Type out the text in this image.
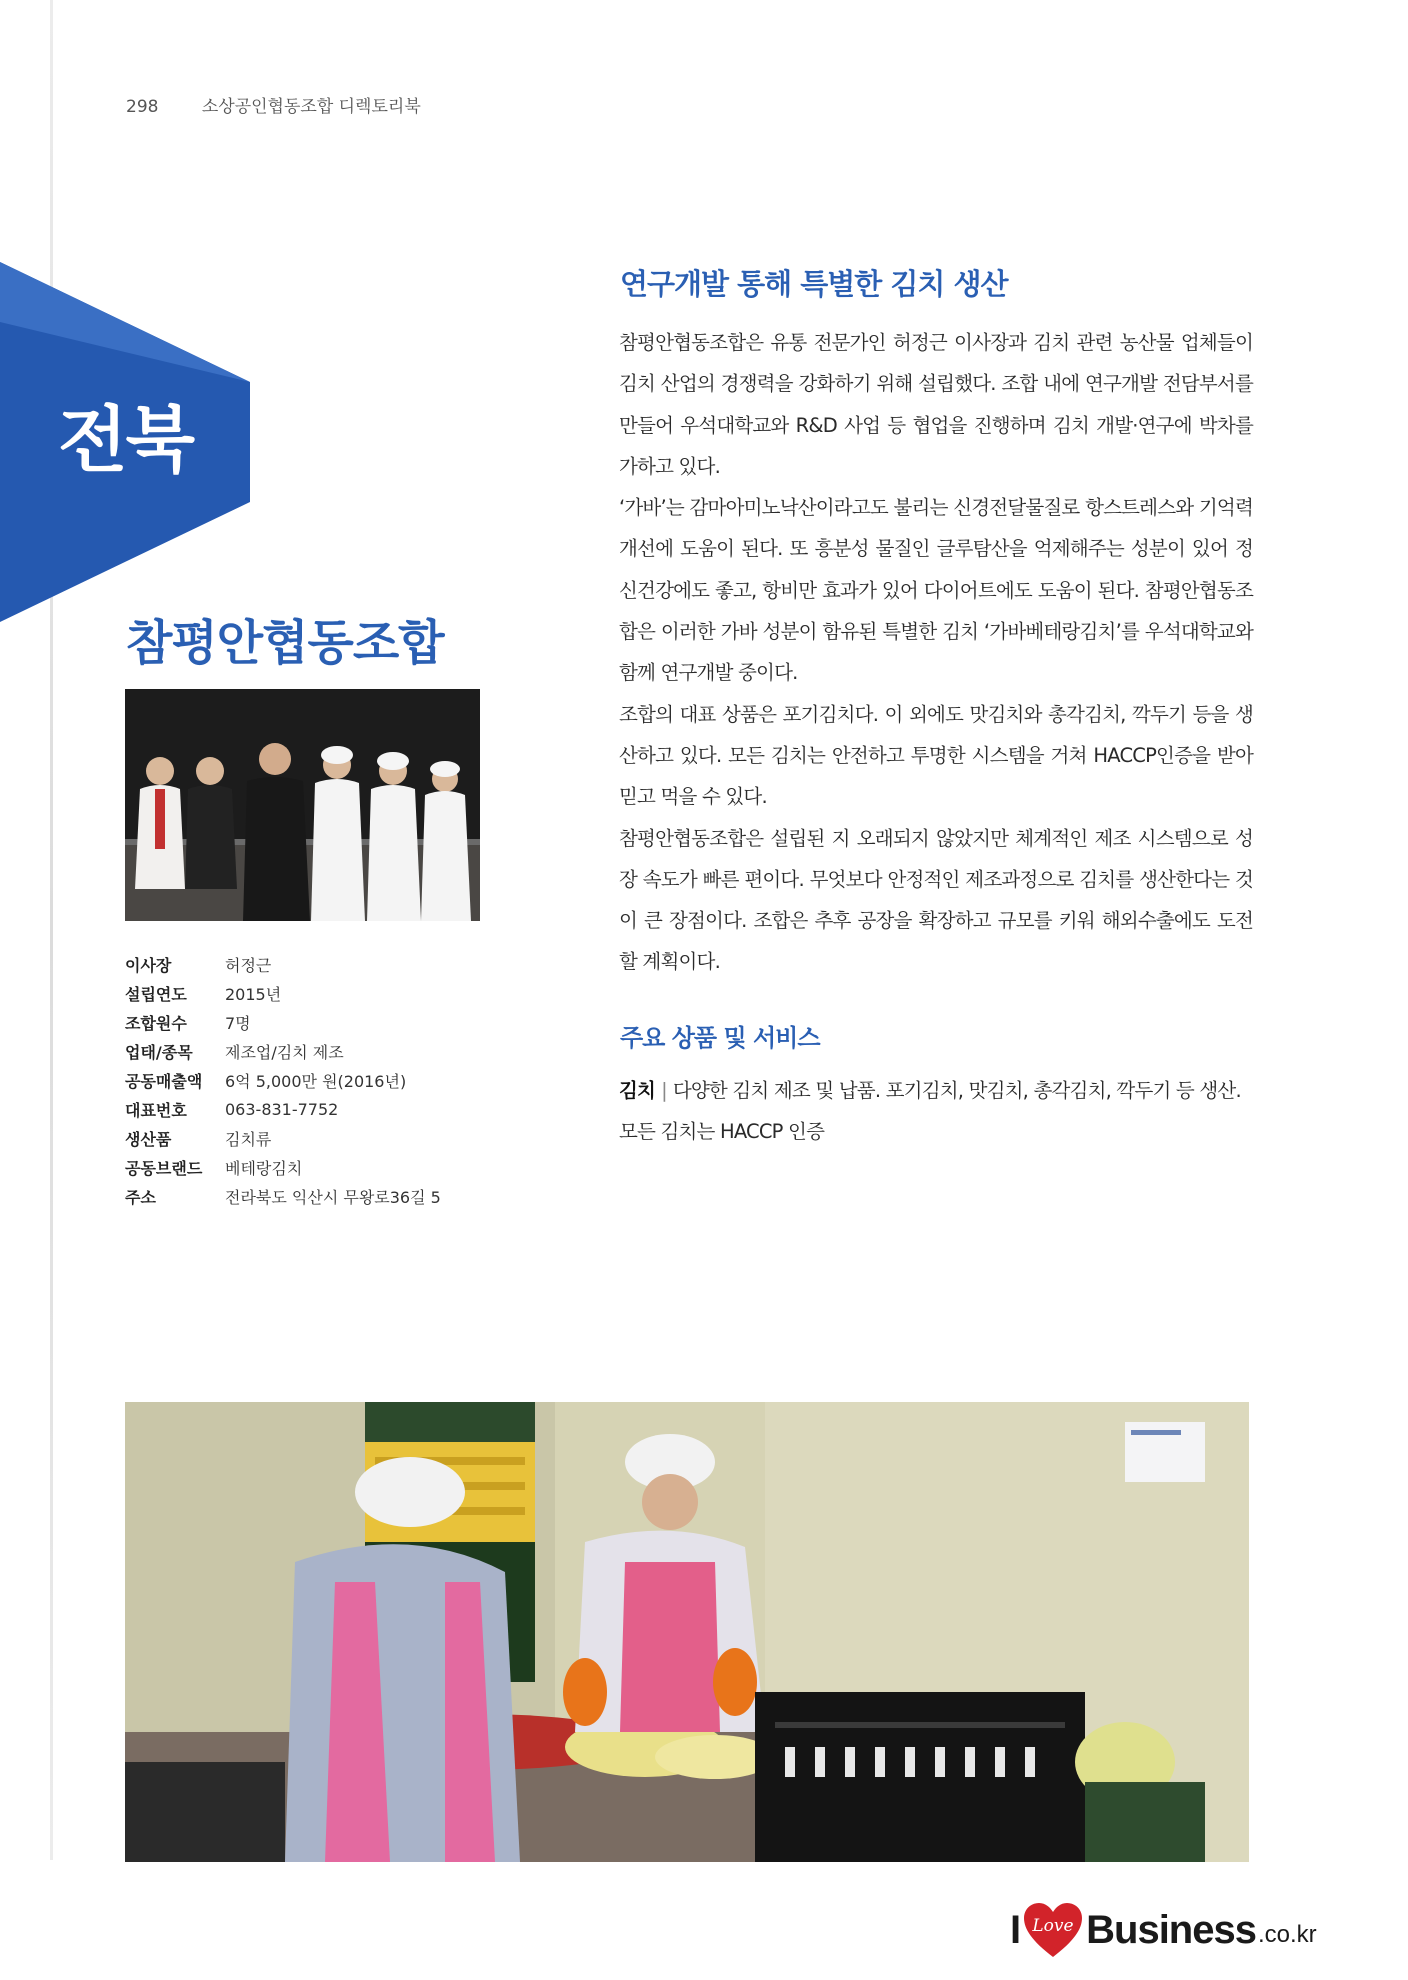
298	소상공인협동조합 디렉토리북
전북
참평안협동조합
이사장	허정근
설립연도	2015년
조합원수	7명
업태/종목	제조업/김치 제조
공동매출액	6억 5,000만 원(2016년)
대표번호	063-831-7752
생산품	김치류
공동브랜드	베테랑김치
주소	전라북도 익산시 무왕로36길 5
연구개발 통해 특별한 김치 생산

참평안협동조합은 유통 전문가인 허정근 이사장과 김치 관련 농산물 업체들이 김치 산업의 경쟁력을 강화하기 위해 설립했다. 조합 내에 연구개발 전담부서를 만들어 우석대학교와 R&D 사업 등 협업을 진행하며 김치 개발·연구에 박차를 가하고 있다.

‘가바’는 감마아미노낙산이라고도 불리는 신경전달물질로 항스트레스와 기억력 개선에 도움이 된다. 또 흥분성 물질인 글루탐산을 억제해주는 성분이 있어 정신건강에도 좋고, 항비만 효과가 있어 다이어트에도 도움이 된다. 참평안협동조합은 이러한 가바 성분이 함유된 특별한 김치 ‘가바베테랑김치’를 우석대학교와 함께 연구개발 중이다.

조합의 대표 상품은 포기김치다. 이 외에도 맛김치와 총각김치, 깍두기 등을 생산하고 있다. 모든 김치는 안전하고 투명한 시스템을 거쳐 HACCP인증을 받아 믿고 먹을 수 있다.

참평안협동조합은 설립된 지 오래되지 않았지만 체계적인 제조 시스템으로 성장 속도가 빠른 편이다. 무엇보다 안정적인 제조과정으로 김치를 생산한다는 것이 큰 장점이다. 조합은 추후 공장을 확장하고 규모를 키워 해외수출에도 도전할 계획이다.

주요 상품 및 서비스
김치 | 다양한 김치 제조 및 납품. 포기김치, 맛김치, 총각김치, 깍두기 등 생산. 모든 김치는 HACCP 인증
I Love Business .co.kr
